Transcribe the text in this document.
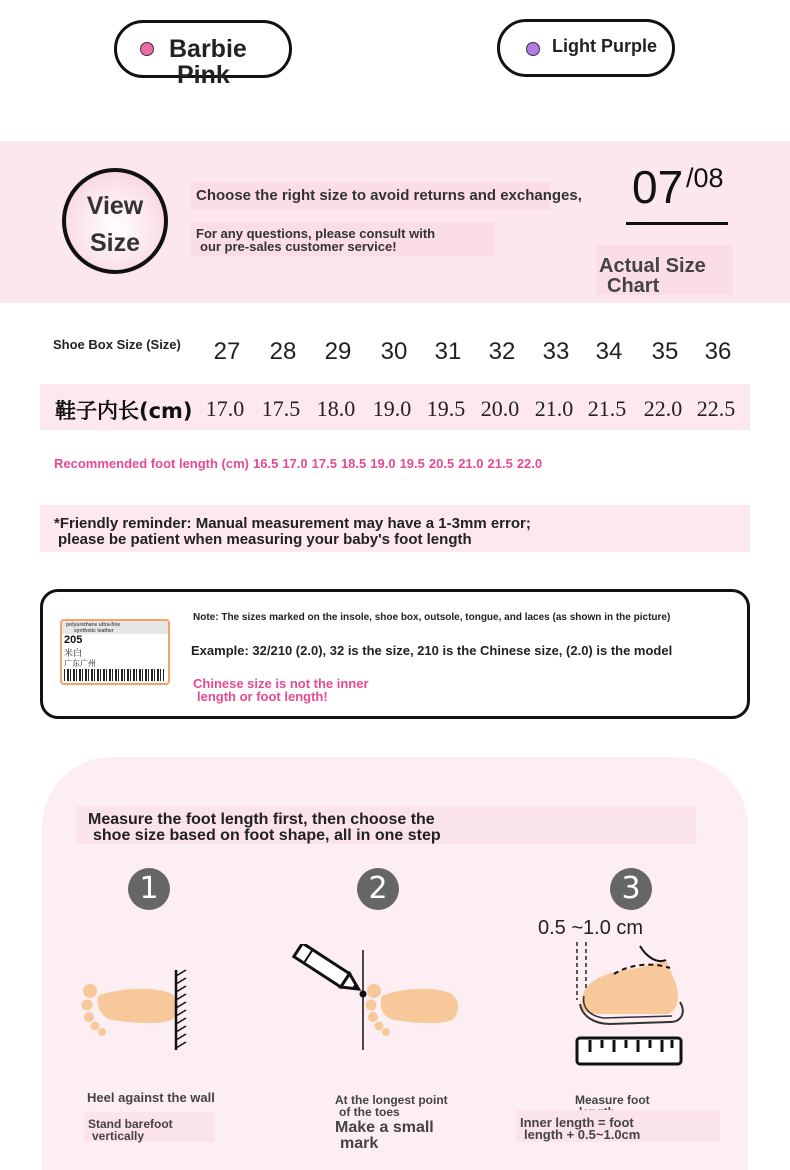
Barbie
Pink
Light Purple
View
Size
Choose the right size to avoid returns and exchanges,
For any questions, please consult with
our pre-sales customer service!
07 /08
Actual Size
Chart
Shoe Box Size (Size)	27	28	29	30	31	32	33	34	35	36
鞋子内长(cm) 17.0 17.5 18.0 19.0 19.5 20.0 21.0 21.5 22.0 22.5
Recommended foot length (cm) 16.5 17.0 17.5 18.5 19.0 19.5 20.5 21.0 21.5 22.0
*Friendly reminder: Manual measurement may have a 1-3mm error;
please be patient when measuring your baby's foot length
polyurethane ultra-fine
synthetic leather
205
米白
广东广州
Note: The sizes marked on the insole, shoe box, outsole, tongue, and laces (as shown in the picture)
Example: 32/210 (2.0), 32 is the size, 210 is the Chinese size, (2.0) is the model
Chinese size is not the inner
length or foot length!
Measure the foot length first, then choose the
shoe size based on foot shape, all in one step
1	2	3
0.5 ~1.0 cm
Heel against the wall
Stand barefoot
vertically
At the longest point
of the toes
Make a small
mark
Measure foot
Inner length = foot
length + 0.5~1.0cm
